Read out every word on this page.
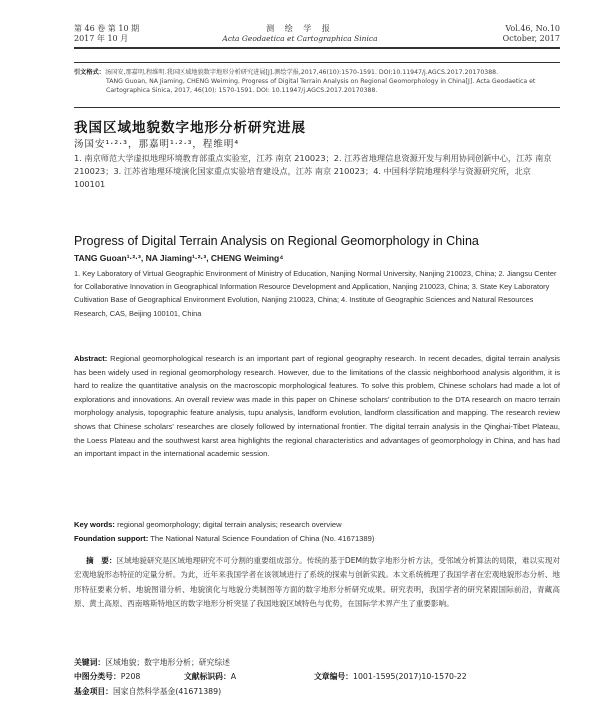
第 46 卷 第 10 期
2017 年 10 月
测 绘 学 报
Acta Geodaetica et Cartographica Sinica
Vol.46, No.10
October, 2017
引文格式：汤国安,那嘉明,程维明.我国区域地貌数字地形分析研究进展[J].测绘学报,2017,46(10):1570-1591. DOI:10.11947/j.AGCS.2017.20170388.
TANG Guoan, NA Jiaming, CHENG Weiming. Progress of Digital Terrain Analysis on Regional Geomorphology in China[J]. Acta Geodaetica et Cartographica Sinica, 2017, 46(10): 1570-1591. DOI: 10.11947/j.AGCS.2017.20170388.
我国区域地貌数字地形分析研究进展
汤国安¹·²·³，那嘉明¹·²·³，程维明⁴
1. 南京师范大学虚拟地理环境教育部重点实验室，江苏 南京 210023；2. 江苏省地理信息资源开发与利用协同创新中心，江苏 南京 210023；3. 江苏省地理环境演化国家重点实验培育建设点，江苏 南京 210023；4. 中国科学院地理科学与资源研究所，北京 100101
Progress of Digital Terrain Analysis on Regional Geomorphology in China
TANG Guoan¹·²·³, NA Jiaming¹·²·³, CHENG Weiming⁴
1. Key Laboratory of Virtual Geographic Environment of Ministry of Education, Nanjing Normal University, Nanjing 210023, China; 2. Jiangsu Center for Collaborative Innovation in Geographical Information Resource Development and Application, Nanjing 210023, China; 3. State Key Laboratory Cultivation Base of Geographical Environment Evolution, Nanjing 210023, China; 4. Institute of Geographic Sciences and Natural Resources Research, CAS, Beijing 100101, China
Abstract: Regional geomorphological research is an important part of regional geography research. In recent decades, digital terrain analysis has been widely used in regional geomorphology research. However, due to the limitations of the classic neighborhood analysis algorithm, it is hard to realize the quantitative analysis on the macroscopic morphological features. To solve this problem, Chinese scholars had made a lot of explorations and innovations. An overall review was made in this paper on Chinese scholars' contribution to the DTA research on macro terrain morphology analysis, topographic feature analysis, tupu analysis, landform evolution, landform classification and mapping. The research review shows that Chinese scholars' researches are closely followed by international frontier. The digital terrain analysis in the Qinghai-Tibet Plateau, the Loess Plateau and the southwest karst area highlights the regional characteristics and advantages of geomorphology in China, and has had an important impact in the international academic session.
Key words: regional geomorphology; digital terrain analysis; research overview
Foundation support: The National Natural Science Foundation of China (No. 41671389)
摘　要：区域地貌研究是区域地理研究不可分割的重要组成部分。传统的基于DEM的数字地形分析方法，受邻域分析算法的局限，难以实现对宏观地貌形态特征的定量分析。为此，近年来我国学者在该领域进行了系统的探索与创新实践。本文系统梳理了我国学者在宏观地貌形态分析、地形特征要素分析、地貌图谱分析、地貌演化与地貌分类制图等方面的数字地形分析研究成果。研究表明，我国学者的研究紧跟国际前沿，青藏高原、黄土高原、西南喀斯特地区的数字地形分析突显了我国地貌区域特色与优势，在国际学术界产生了重要影响。
关键词：区域地貌；数字地形分析；研究综述
中图分类号：P208	文献标识码：A	文章编号：1001-1595(2017)10-1570-22
基金项目：国家自然科学基金(41671389)
